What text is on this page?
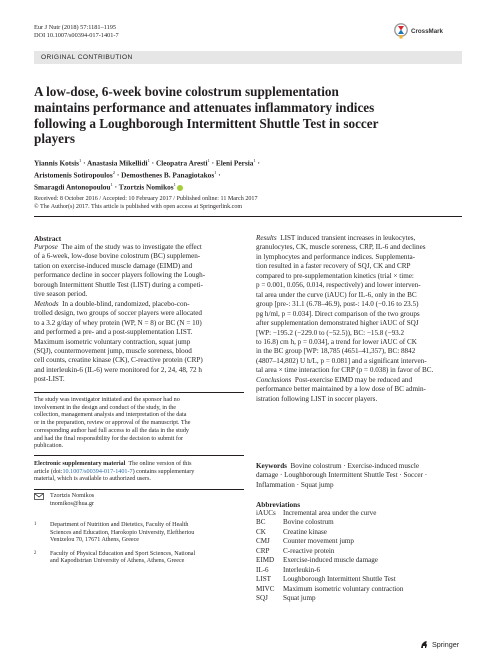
Eur J Nutr (2018) 57:1181–1195
DOI 10.1007/s00394-017-1401-7
CrossMark
ORIGINAL CONTRIBUTION
A low-dose, 6-week bovine colostrum supplementation
maintains performance and attenuates inflammatory indices
following a Loughborough Intermittent Shuttle Test in soccer
players
Yiannis Kotsis$^1$ · Anastasia Mikellidi$^1$ · Cleopatra Aresti$^1$ · Eleni Persia$^1$ ·
Aristomenis Sotiropoulos$^2$ · Demosthenes B. Panagiotakos$^1$ ·
Smaragdi Antonopoulou$^1$ · Tzortzis Nomikos$^1$
Received: 8 October 2016 / Accepted: 10 February 2017 / Published online: 11 March 2017
© The Author(s) 2017. This article is published with open access at Springerlink.com
Abstract
Purpose The aim of the study was to investigate the effect
of a 6-week, low-dose bovine colostrum (BC) supplemen-
tation on exercise-induced muscle damage (EIMD) and
performance decline in soccer players following the Lough-
borough Intermittent Shuttle Test (LIST) during a competi-
tive season period.
Methods In a double-blind, randomized, placebo-con-
trolled design, two groups of soccer players were allocated
to a 3.2 g/day of whey protein (WP, N = 8) or BC (N = 10)
and performed a pre- and a post-supplementation LIST.
Maximum isometric voluntary contraction, squat jump
(SQJ), countermovement jump, muscle soreness, blood
cell counts, creatine kinase (CK), C-reactive protein (CRP)
and interleukin-6 (IL-6) were monitored for 2, 24, 48, 72 h
post-LIST.
Results LIST induced transient increases in leukocytes,
granulocytes, CK, muscle soreness, CRP, IL-6 and declines
in lymphocytes and performance indices. Supplementa-
tion resulted in a faster recovery of SQJ, CK and CRP
compared to pre-supplementation kinetics (trial × time:
p = 0.001, 0.056, 0.014, respectively) and lower interven-
tal area under the curve (iAUC) for IL-6, only in the BC
group [pre-: 31.1 (6.78–46.9), post-: 14.0 (−0.16 to 23.5)
pg h/ml, p = 0.034]. Direct comparison of the two groups
after supplementation demonstrated higher iAUC of SQJ
[WP: −195.2 (−229.0 to (−52.5)), BC: −15.8 (−93.2
to 16.8) cm h, p = 0.034], a trend for lower iAUC of CK
in the BC group [WP: 18,785 (4651–41,357), BC: 8842
(4807–14,802) U h/L, p = 0.081] and a significant interven-
tal area × time interaction for CRP (p = 0.038) in favor of BC.
Conclusions Post-exercise EIMD may be reduced and
performance better maintained by a low dose of BC admin-
istration following LIST in soccer players.
The study was investigator initiated and the sponsor had no
involvement in the design and conduct of the study, in the
collection, management analysis and interpretation of the data
or in the preparation, review or approval of the manuscript. The
corresponding author had full access to all the data in the study
and had the final responsibility for the decision to submit for
publication.
Electronic supplementary material The online version of this
article (doi:10.1007/s00394-017-1401-7) contains supplementary
material, which is available to authorized users.
Tzortzis Nomikos
tnomikos@hua.gr
1	Department of Nutrition and Dietetics, Faculty of Health
Sciences and Education, Harokopio University, Eleftheriou
Venizelou 70, 17671 Athens, Greece
2	Faculty of Physical Education and Sport Sciences, National
and Kapodistrian University of Athens, Athens, Greece
Keywords Bovine colostrum · Exercise-induced muscle
damage · Loughborough Intermittent Shuttle Test · Soccer ·
Inflammation · Squat jump
Abbreviations
iAUCs	Incremental area under the curve
BC	Bovine colostrum
CK	Creatine kinase
CMJ	Counter movement jump
CRP	C-reactive protein
EIMD	Exercise-induced muscle damage
IL-6	Interleukin-6
LIST	Loughborough Intermittent Shuttle Test
MIVC	Maximum isometric voluntary contraction
SQJ	Squat jump
Springer
